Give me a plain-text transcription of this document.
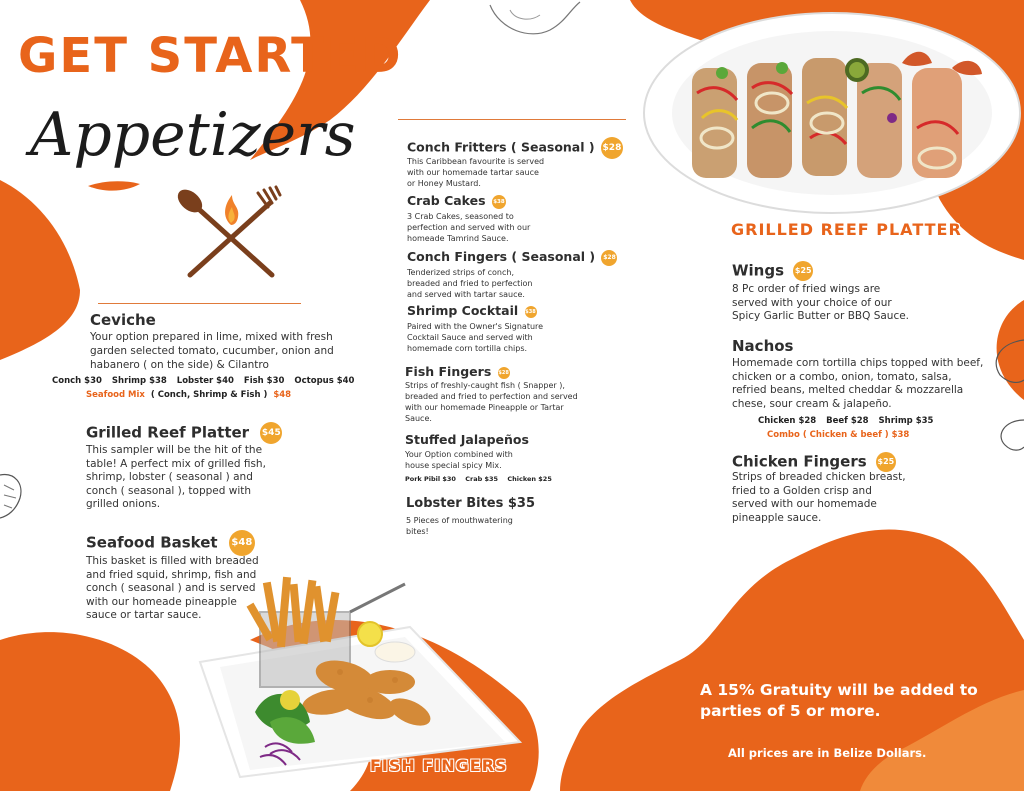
GET STARTED
Appetizers
Ceviche
Your option prepared in lime, mixed with fresh garden selected tomato, cucumber, onion and habanero ( on the side) & Cilantro
Conch $30 Shrimp $38 Lobster $40 Fish $30 Octopus $40
Seafood Mix ( Conch, Shrimp & Fish ) $48
Grilled Reef Platter $45
This sampler will be the hit of the table! A perfect mix of grilled fish, shrimp, lobster ( seasonal ) and conch ( seasonal ), topped with grilled onions.
Seafood Basket $48
This basket is filled with breaded and fried squid, shrimp, fish and conch ( seasonal ) and is served with our homeade pineapple sauce or tartar sauce.
FISH FINGERS
Conch Fritters ( Seasonal ) $28
This Caribbean favourite is served with our homemade tartar sauce or Honey Mustard.
Crab Cakes $38
3 Crab Cakes, seasoned to perfection and served with our homeade Tamrind Sauce.
Conch Fingers ( Seasonal ) $28
Tenderized strips of conch, breaded and fried to perfection and served with tartar sauce.
Shrimp Cocktail $38
Paired with the Owner's Signature Cocktail Sauce and served with homemade corn tortilla chips.
Fish Fingers $28
Strips of freshly-caught fish ( Snapper ), breaded and fried to perfection and served with our homemade Pineapple or Tartar Sauce.
Stuffed Jalapeños
Your Option combined with house special spicy Mix.
Pork Pibil $30 Crab $35 Chicken $25
Lobster Bites $35
5 Pieces of mouthwatering bites!
GRILLED REEF PLATTER
Wings $25
8 Pc order of fried wings are served with your choice of our Spicy Garlic Butter or BBQ Sauce.
Nachos
Homemade corn tortilla chips topped with beef, chicken or a combo, onion, tomato, salsa, refried beans, melted cheddar & mozzarella chese, sour cream & jalapeño.
Chicken $28 Beef $28 Shrimp $35
Combo ( Chicken & beef ) $38
Chicken Fingers $25
Strips of breaded chicken breast, fried to a Golden crisp and served with our homemade pineapple sauce.
A 15% Gratuity will be added to parties of 5 or more.
All prices are in Belize Dollars.
